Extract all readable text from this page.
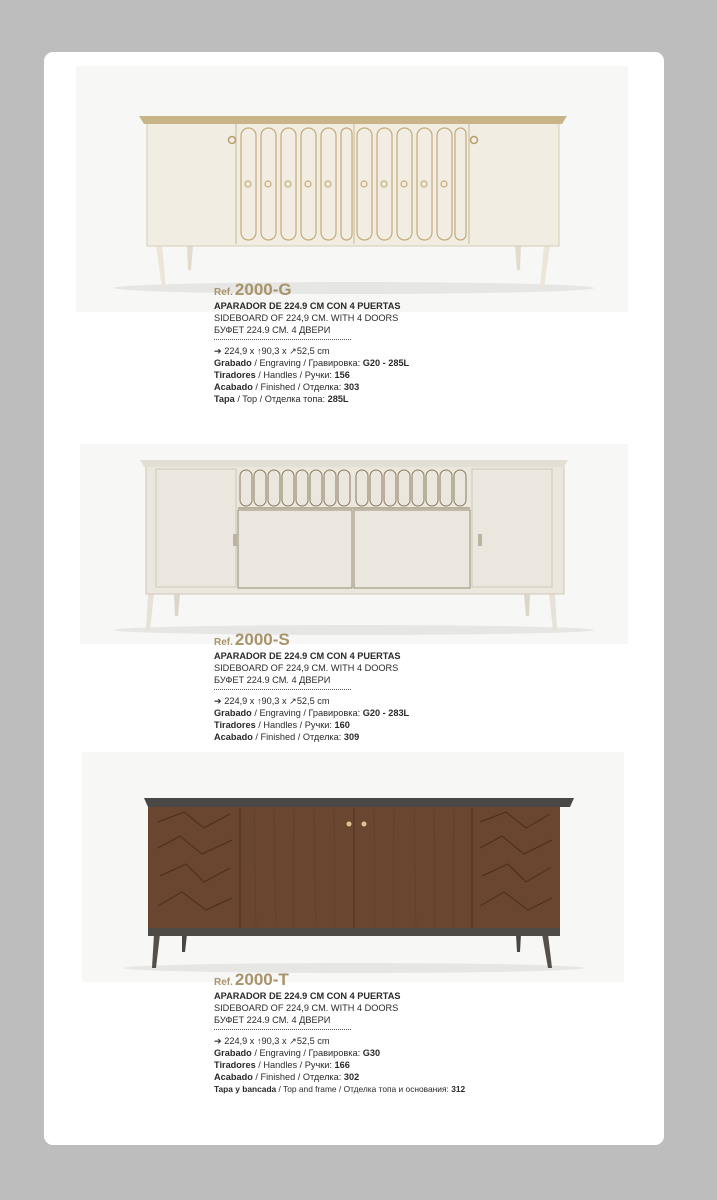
Ref. 2000-G
APARADOR DE 224.9 CM CON 4 PUERTAS
SIDEBOARD OF 224,9 CM. WITH 4 DOORS
БУФЕТ 224.9 СМ. 4 ДВЕРИ
➔ 224,9 x ↑90,3 x ↗52,5 cm
Grabado / Engraving / Гравировка: G20 - 285L
Tiradores / Handles / Ручки: 156
Acabado / Finished / Отделка: 303
Tapa / Top / Отделка топа: 285L
Ref. 2000-S
APARADOR DE 224.9 CM CON 4 PUERTAS
SIDEBOARD OF 224,9 CM. WITH 4 DOORS
БУФЕТ 224.9 СМ. 4 ДВЕРИ
➔ 224,9 x ↑90,3 x ↗52,5 cm
Grabado / Engraving / Гравировка: G20 - 283L
Tiradores / Handles / Ручки: 160
Acabado / Finished / Отделка: 309
Ref. 2000-T
APARADOR DE 224.9 CM CON 4 PUERTAS
SIDEBOARD OF 224,9 CM. WITH 4 DOORS
БУФЕТ 224.9 СМ. 4 ДВЕРИ
➔ 224,9 x ↑90,3 x ↗52,5 cm
Grabado / Engraving / Гравировка: G30
Tiradores / Handles / Ручки: 166
Acabado / Finished / Отделка: 302
Tapa y bancada / Top and frame / Отделка топа и основания: 312
